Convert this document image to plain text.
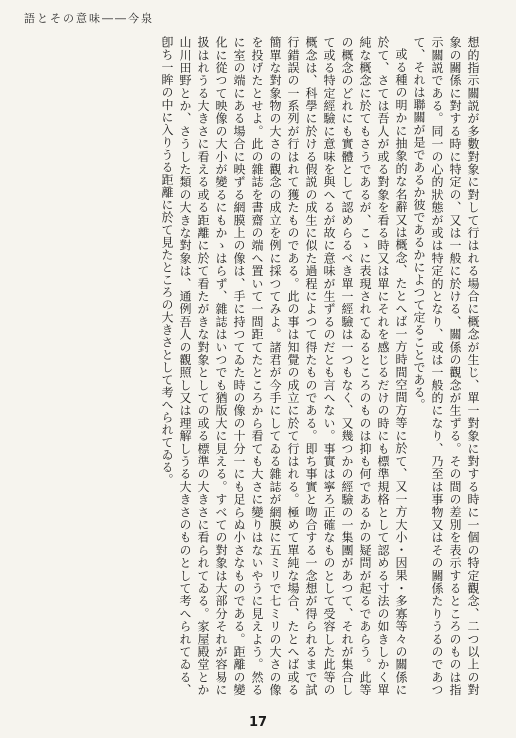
語とその意味――今泉

想的指示關説が多數對象に對して行はれる場合に概念が生じ、單一對象に對する時に一個の特定觀念、二つ以上の對象の關係に對する時に特定の、又は一般に於ける、關係の觀念が生ずる。その間の差別を表示するところのものは指示關説である。同一の心的狀態が或は特定的となり、或は一般的になり、乃至は事物又はその關係たりうるのであつて、それは聯關が是であるか彼であるかによつて定ることである。

或る種の明かに抽象的な名辭又は概念、たとへば一方時間空間方等に於て、又一方大小・因果・多寡等々の關係に於て、さては吾人が或る對象を看る時又は單にそれを感じるだけの時にも標準規格として認める寸法の如きしかく單純な概念に於てもさうであるが、こゝに表現されてゐるところのものは抑も何であるかの疑問が起るであらう。此等の概念のどれにも實體として認めらるべき單一經驗は一つもなく、又幾つかの經驗の一集團があつて、それが集合して或る特定經驗に意味を與へるが故に意味が生ずるのだとも言へない。事實は寧ろ正確なものとして受容した此等の概念は、科學に於ける假説の成生に似た過程によつて得たものである。即ち事實と吻合する一念想が得られるまで試行錯誤の一系列が行はれて獲たものである。此の事は知覺の成立に於て行はれる。極めて單純な場合、たとへば或る簡單な對象物の大さの觀念の成立を例に採つてみよ。諸君が今手にしてゐる雜誌が網膜に五ミリで七ミリの大さの像を投げたとせよ。此の雜誌を書齋の端へ置いて一間距てたところから看ても大さに變りはないやうに見えよう。然るに室の端にある場合に映ずる網膜上の像は、手に持つてゐた時の像の十分一にも足らぬ小さなものである。距離の變化に從つて映像の大小が變るにもかゝはらず、雜誌はいつでも猶版大に見える。すべての對象は大部分それが容易に扱はれうる大きさに看える或る距離に於て看たがきな對象としての或る標準の大きさに看られてゐる。家屋殿堂とか山川田野とか、さうした類の大きな對象は、通例吾人の觀照し又は理解しうる大きさのものとして考へられてゐる、卽ち一眸の中に入りうる距離に於て見たところの大きさとして考へられてゐる。

17
